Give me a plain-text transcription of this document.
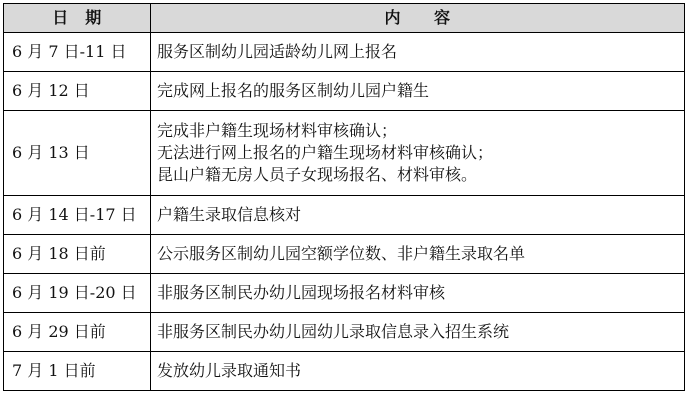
日　期	内　　容
6 月 7 日-11 日	服务区制幼儿园适龄幼儿网上报名

6 月 12 日	完成网上报名的服务区制幼儿园户籍生

6 月 13 日	完成非户籍生现场材料审核确认；
无法进行网上报名的户籍生现场材料审核确认；
昆山户籍无房人员子女现场报名、材料审核。

6 月 14 日-17 日	户籍生录取信息核对

6 月 18 日前	公示服务区制幼儿园空额学位数、非户籍生录取名单

6 月 19 日-20 日	非服务区制民办幼儿园现场报名材料审核

6 月 29 日前	非服务区制民办幼儿园幼儿录取信息录入招生系统

7 月 1 日前	发放幼儿录取通知书
